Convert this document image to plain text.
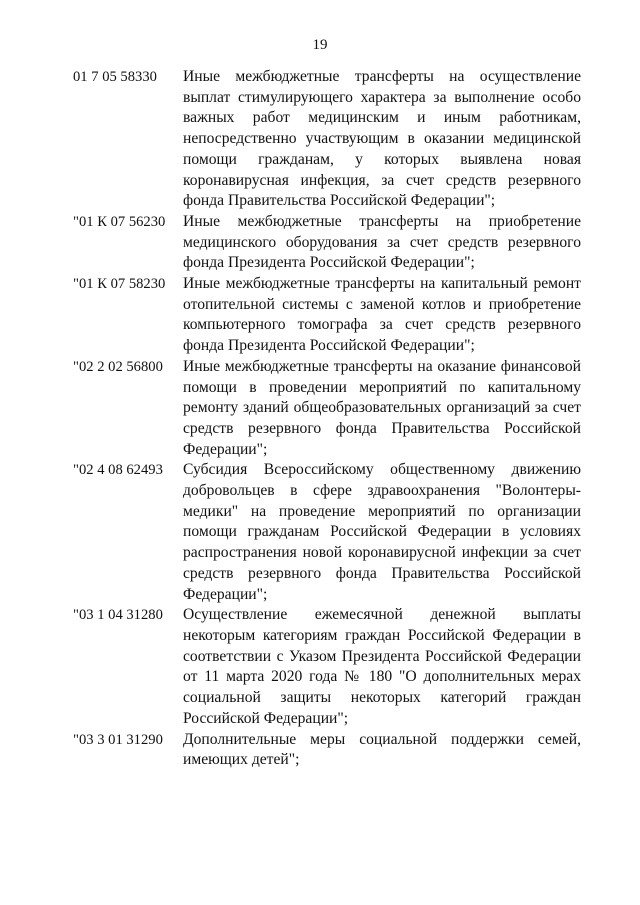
19
01 7 05 58330 Иные межбюджетные трансферты на осуществление выплат стимулирующего характера за выполнение особо важных работ медицинским и иным работникам, непосредственно участвующим в оказании медицинской помощи гражданам, у которых выявлена новая коронавирусная инфекция, за счет средств резервного фонда Правительства Российской Федерации";
"01 К 07 56230 Иные межбюджетные трансферты на приобретение медицинского оборудования за счет средств резервного фонда Президента Российской Федерации";
"01 К 07 58230 Иные межбюджетные трансферты на капитальный ремонт отопительной системы с заменой котлов и приобретение компьютерного томографа за счет средств резервного фонда Президента Российской Федерации";
"02 2 02 56800 Иные межбюджетные трансферты на оказание финансовой помощи в проведении мероприятий по капитальному ремонту зданий общеобразовательных организаций за счет средств резервного фонда Правительства Российской Федерации";
"02 4 08 62493 Субсидия Всероссийскому общественному движению добровольцев в сфере здравоохранения "Волонтеры-медики" на проведение мероприятий по организации помощи гражданам Российской Федерации в условиях распространения новой коронавирусной инфекции за счет средств резервного фонда Правительства Российской Федерации";
"03 1 04 31280 Осуществление ежемесячной денежной выплаты некоторым категориям граждан Российской Федерации в соответствии с Указом Президента Российской Федерации от 11 марта 2020 года № 180 "О дополнительных мерах социальной защиты некоторых категорий граждан Российской Федерации";
"03 3 01 31290 Дополнительные меры социальной поддержки семей, имеющих детей";
